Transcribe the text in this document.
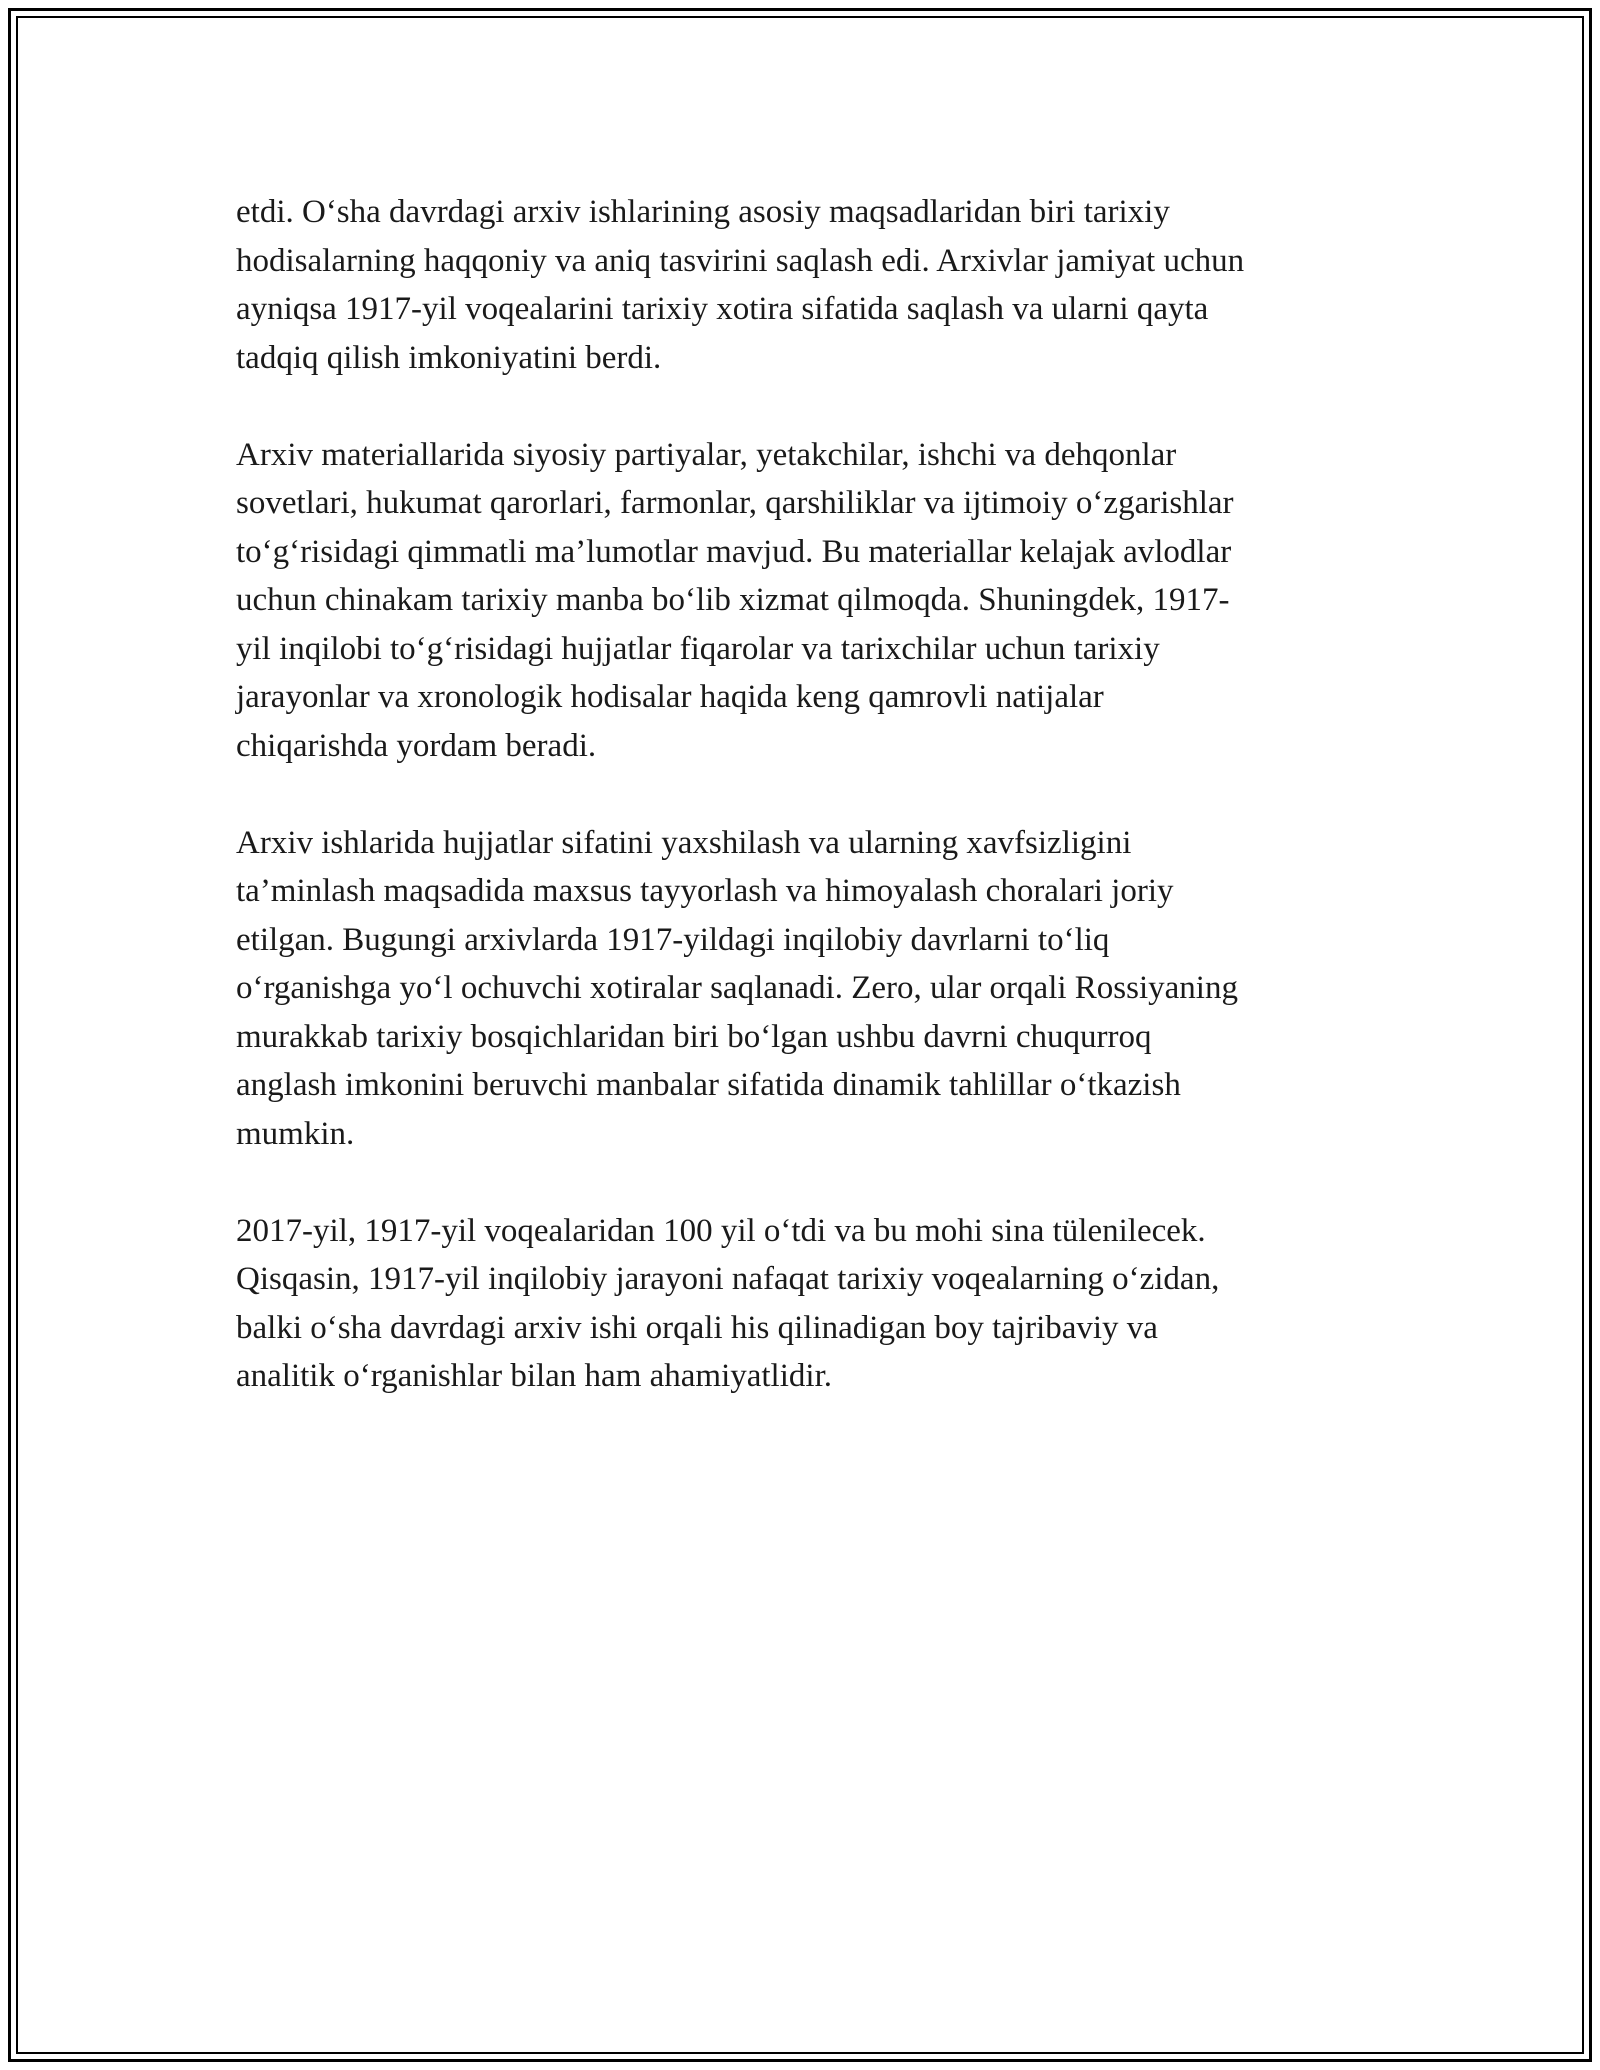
etdi. O‘sha davrdagi arxiv ishlarining asosiy maqsadlaridan biri tarixiy
hodisalarning haqqoniy va aniq tasvirini saqlash edi. Arxivlar jamiyat uchun
ayniqsa 1917-yil voqealarini tarixiy xotira sifatida saqlash va ularni qayta
tadqiq qilish imkoniyatini berdi.

Arxiv materiallarida siyosiy partiyalar, yetakchilar, ishchi va dehqonlar
sovetlari, hukumat qarorlari, farmonlar, qarshiliklar va ijtimoiy o‘zgarishlar
to‘g‘risidagi qimmatli ma’lumotlar mavjud. Bu materiallar kelajak avlodlar
uchun chinakam tarixiy manba bo‘lib xizmat qilmoqda. Shuningdek, 1917-
yil inqilobi to‘g‘risidagi hujjatlar fiqarolar va tarixchilar uchun tarixiy
jarayonlar va xronologik hodisalar haqida keng qamrovli natijalar
chiqarishda yordam beradi.

Arxiv ishlarida hujjatlar sifatini yaxshilash va ularning xavfsizligini
ta’minlash maqsadida maxsus tayyorlash va himoyalash choralari joriy
etilgan. Bugungi arxivlarda 1917-yildagi inqilobiy davrlarni to‘liq
o‘rganishga yo‘l ochuvchi xotiralar saqlanadi. Zero, ular orqali Rossiyaning
murakkab tarixiy bosqichlaridan biri bo‘lgan ushbu davrni chuqurroq
anglash imkonini beruvchi manbalar sifatida dinamik tahlillar o‘tkazish
mumkin.

2017-yil, 1917-yil voqealaridan 100 yil o‘tdi va bu mohi sina tülenilecek.
Qisqasin, 1917-yil inqilobiy jarayoni nafaqat tarixiy voqealarning o‘zidan,
balki o‘sha davrdagi arxiv ishi orqali his qilinadigan boy tajribaviy va
analitik o‘rganishlar bilan ham ahamiyatlidir.
